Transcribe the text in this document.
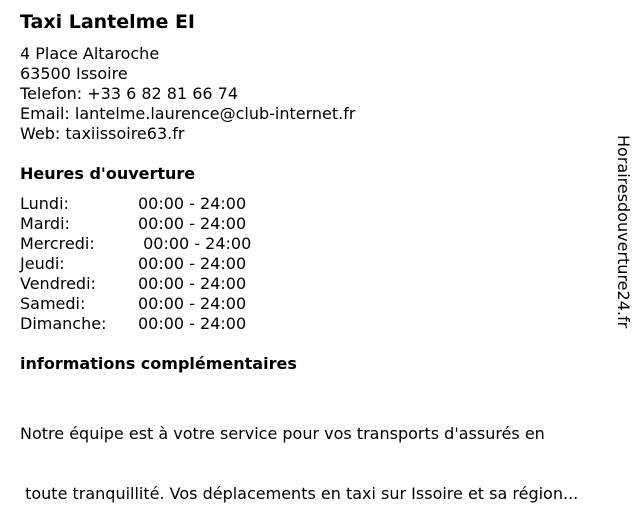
Taxi Lantelme EI
4 Place Altaroche
63500 Issoire
Telefon: +33 6 82 81 66 74
Email: lantelme.laurence@club-internet.fr
Web: taxiissoire63.fr
Heures d'ouverture
Lundi:	00:00 - 24:00
Mardi:	00:00 - 24:00
Mercredi:	00:00 - 24:00
Jeudi:	00:00 - 24:00
Vendredi:	00:00 - 24:00
Samedi:	00:00 - 24:00
Dimanche:	00:00 - 24:00
informations complémentaires

Notre équipe est à votre service pour vos transports d'assurés en

toute tranquillité. Vos déplacements en taxi sur Issoire et sa région...

Horairesdouverture24.fr
